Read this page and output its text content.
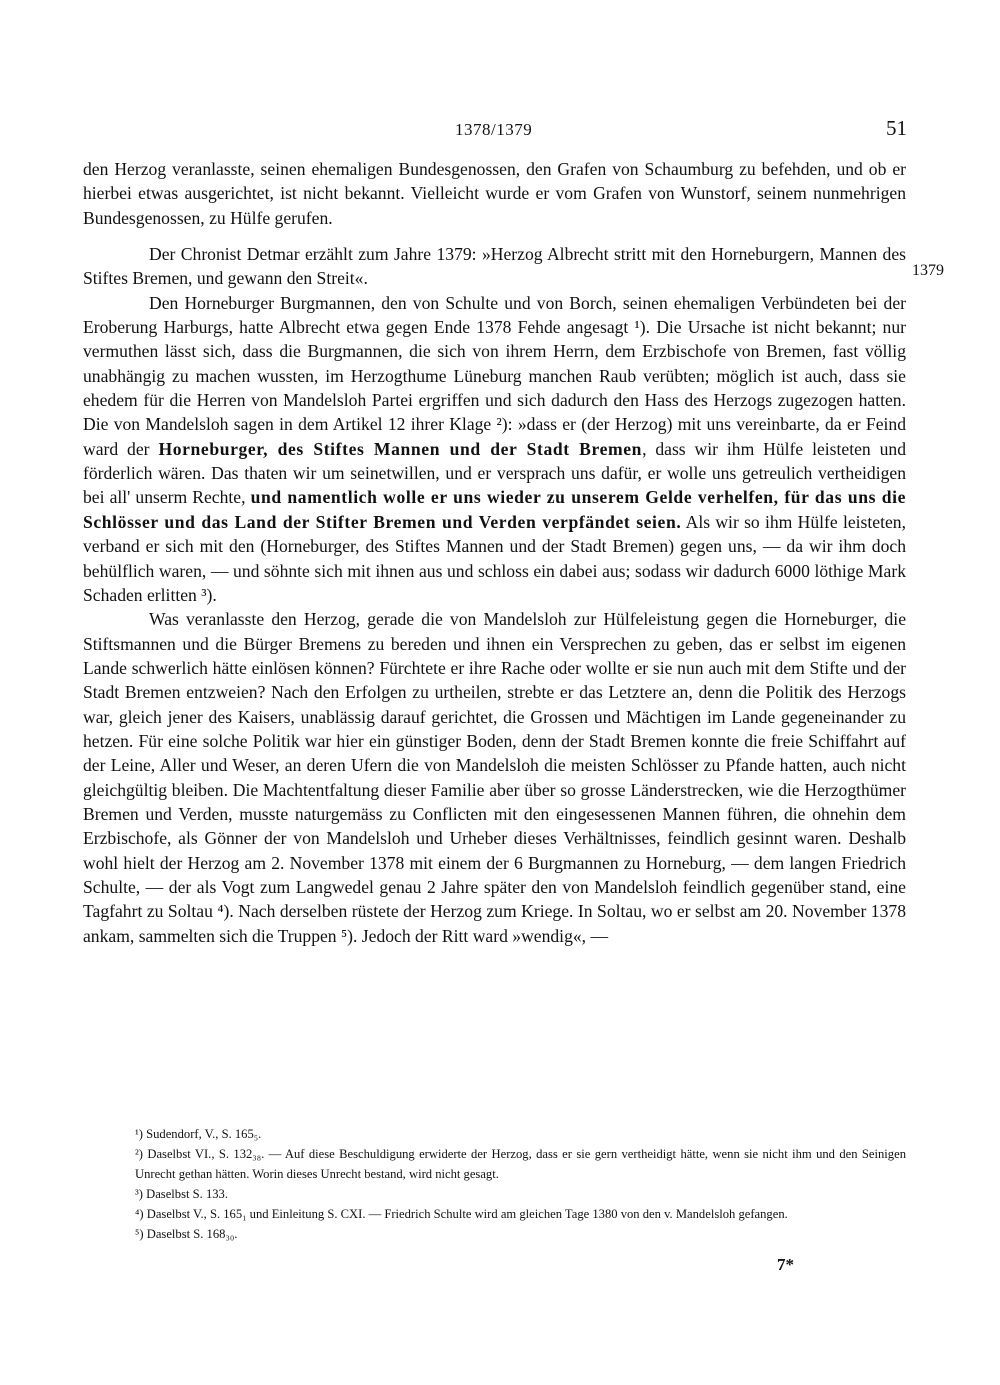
1378/1379	51
1379

den Herzog veranlasste, seinen ehemaligen Bundesgenossen, den Grafen von Schaumburg zu befehden, und ob er hierbei etwas ausgerichtet, ist nicht bekannt. Vielleicht wurde er vom Grafen von Wunstorf, seinem nunmehrigen Bundesgenossen, zu Hülfe gerufen.

Der Chronist Detmar erzählt zum Jahre 1379: »Herzog Albrecht stritt mit den Horneburgern, Mannen des Stiftes Bremen, und gewann den Streit«.

Den Horneburger Burgmannen, den von Schulte und von Borch, seinen ehemaligen Verbündeten bei der Eroberung Harburgs, hatte Albrecht etwa gegen Ende 1378 Fehde angesagt ¹). Die Ursache ist nicht bekannt; nur vermuthen lässt sich, dass die Burgmannen, die sich von ihrem Herrn, dem Erzbischofe von Bremen, fast völlig unabhängig zu machen wussten, im Herzogthume Lüneburg manchen Raub verübten; möglich ist auch, dass sie ehedem für die Herren von Mandelsloh Partei ergriffen und sich dadurch den Hass des Herzogs zugezogen hatten. Die von Mandelsloh sagen in dem Artikel 12 ihrer Klage ²): »dass er (der Herzog) mit uns vereinbarte, da er Feind ward der Horneburger, des Stiftes Mannen und der Stadt Bremen, dass wir ihm Hülfe leisteten und förderlich wären. Das thaten wir um seinetwillen, und er versprach uns dafür, er wolle uns getreulich vertheidigen bei all' unserm Rechte, und namentlich wolle er uns wieder zu unserem Gelde verhelfen, für das uns die Schlösser und das Land der Stifter Bremen und Verden verpfändet seien. Als wir so ihm Hülfe leisteten, verband er sich mit den (Horneburger, des Stiftes Mannen und der Stadt Bremen) gegen uns, — da wir ihm doch behülflich waren, — und söhnte sich mit ihnen aus und schloss ein dabei aus; sodass wir dadurch 6000 löthige Mark Schaden erlitten ³).

Was veranlasste den Herzog, gerade die von Mandelsloh zur Hülfeleistung gegen die Horneburger, die Stiftsmannen und die Bürger Bremens zu bereden und ihnen ein Versprechen zu geben, das er selbst im eigenen Lande schwerlich hätte einlösen können? Fürchtete er ihre Rache oder wollte er sie nun auch mit dem Stifte und der Stadt Bremen entzweien? Nach den Erfolgen zu urtheilen, strebte er das Letztere an, denn die Politik des Herzogs war, gleich jener des Kaisers, unablässig darauf gerichtet, die Grossen und Mächtigen im Lande gegeneinander zu hetzen. Für eine solche Politik war hier ein günstiger Boden, denn der Stadt Bremen konnte die freie Schiffahrt auf der Leine, Aller und Weser, an deren Ufern die von Mandelsloh die meisten Schlösser zu Pfande hatten, auch nicht gleichgültig bleiben. Die Machtentfaltung dieser Familie aber über so grosse Länderstrecken, wie die Herzogthümer Bremen und Verden, musste naturgemäss zu Conflicten mit den eingesessenen Mannen führen, die ohnehin dem Erzbischofe, als Gönner der von Mandelsloh und Urheber dieses Verhältnisses, feindlich gesinnt waren. Deshalb wohl hielt der Herzog am 2. November 1378 mit einem der 6 Burgmannen zu Horneburg, — dem langen Friedrich Schulte, — der als Vogt zum Langwedel genau 2 Jahre später den von Mandelsloh feindlich gegenüber stand, eine Tagfahrt zu Soltau ⁴). Nach derselben rüstete der Herzog zum Kriege. In Soltau, wo er selbst am 20. November 1378 ankam, sammelten sich die Truppen ⁵). Jedoch der Ritt ward »wendig«, —

¹) Sudendorf, V., S. 165₅.
²) Daselbst VI., S. 132₃₈. — Auf diese Beschuldigung erwiderte der Herzog, dass er sie gern vertheidigt hätte, wenn sie nicht ihm und den Seinigen Unrecht gethan hätten. Worin dieses Unrecht bestand, wird nicht gesagt.
³) Daselbst S. 133.
⁴) Daselbst V., S. 165₁ und Einleitung S. CXI. — Friedrich Schulte wird am gleichen Tage 1380 von den v. Mandelsloh gefangen.
⁵) Daselbst S. 168₃₀.
7*
